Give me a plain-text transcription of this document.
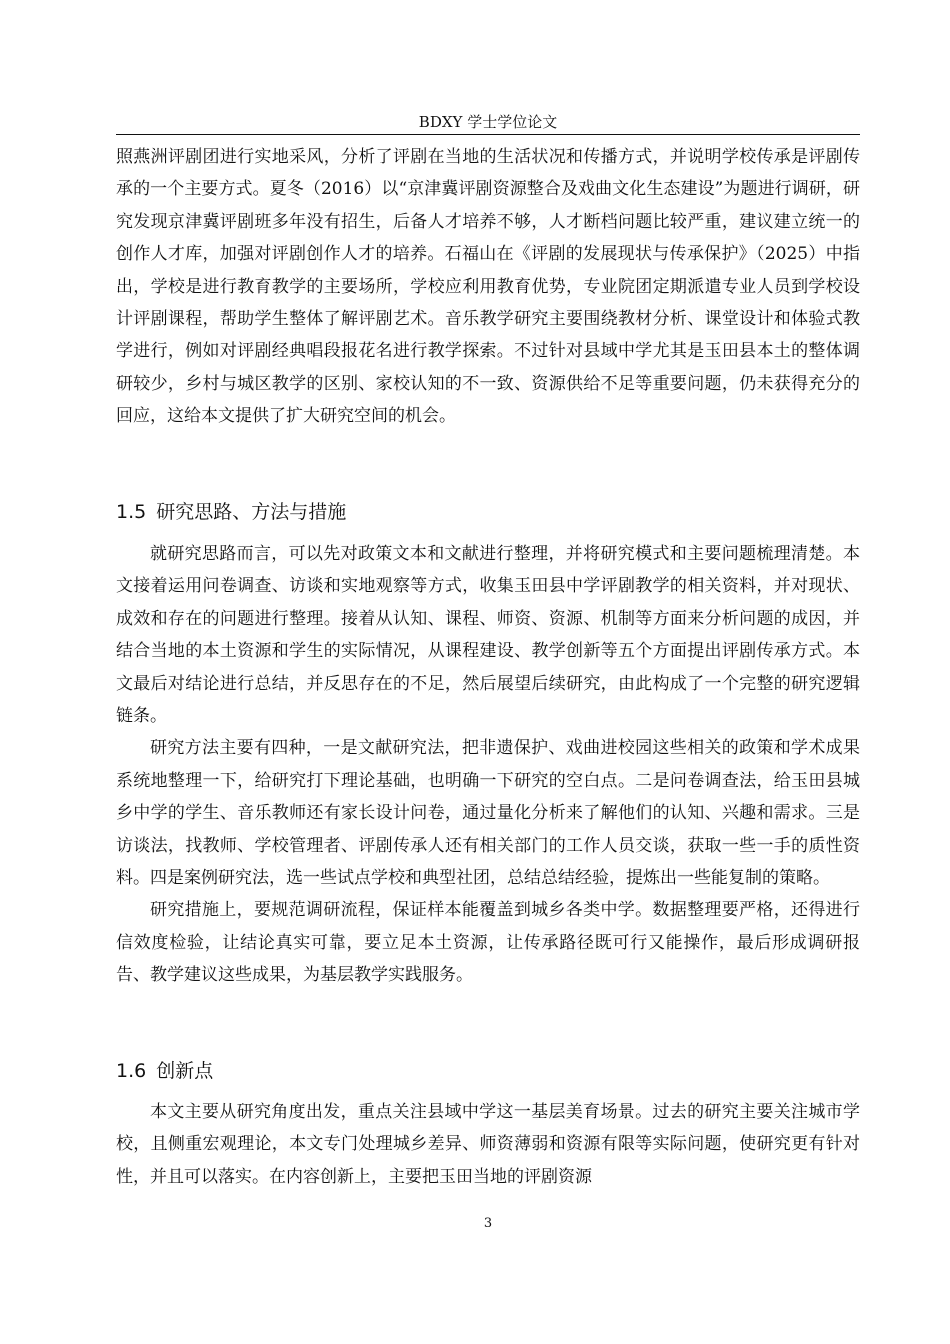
BDXY 学士学位论文

照燕洲评剧团进行实地采风，分析了评剧在当地的生活状况和传播方式，并说明学校传承是评剧传承的一个主要方式。夏冬（2016）以“京津冀评剧资源整合及戏曲文化生态建设”为题进行调研，研究发现京津冀评剧班多年没有招生，后备人才培养不够，人才断档问题比较严重，建议建立统一的创作人才库，加强对评剧创作人才的培养。石福山在《评剧的发展现状与传承保护》（2025）中指出，学校是进行教育教学的主要场所，学校应利用教育优势，专业院团定期派遣专业人员到学校设计评剧课程，帮助学生整体了解评剧艺术。音乐教学研究主要围绕教材分析、课堂设计和体验式教学进行，例如对评剧经典唱段报花名进行教学探索。不过针对县域中学尤其是玉田县本土的整体调研较少，乡村与城区教学的区别、家校认知的不一致、资源供给不足等重要问题，仍未获得充分的回应，这给本文提供了扩大研究空间的机会。

1.5 研究思路、方法与措施

就研究思路而言，可以先对政策文本和文献进行整理，并将研究模式和主要问题梳理清楚。本文接着运用问卷调查、访谈和实地观察等方式，收集玉田县中学评剧教学的相关资料，并对现状、成效和存在的问题进行整理。接着从认知、课程、师资、资源、机制等方面来分析问题的成因，并结合当地的本土资源和学生的实际情况，从课程建设、教学创新等五个方面提出评剧传承方式。本文最后对结论进行总结，并反思存在的不足，然后展望后续研究，由此构成了一个完整的研究逻辑链条。

研究方法主要有四种，一是文献研究法，把非遗保护、戏曲进校园这些相关的政策和学术成果系统地整理一下，给研究打下理论基础，也明确一下研究的空白点。二是问卷调查法，给玉田县城乡中学的学生、音乐教师还有家长设计问卷，通过量化分析来了解他们的认知、兴趣和需求。三是访谈法，找教师、学校管理者、评剧传承人还有相关部门的工作人员交谈，获取一些一手的质性资料。四是案例研究法，选一些试点学校和典型社团，总结总结经验，提炼出一些能复制的策略。

研究措施上，要规范调研流程，保证样本能覆盖到城乡各类中学。数据整理要严格，还得进行信效度检验，让结论真实可靠，要立足本土资源，让传承路径既可行又能操作，最后形成调研报告、教学建议这些成果，为基层教学实践服务。

1.6 创新点

本文主要从研究角度出发，重点关注县域中学这一基层美育场景。过去的研究主要关注城市学校，且侧重宏观理论，本文专门处理城乡差异、师资薄弱和资源有限等实际问题，使研究更有针对性，并且可以落实。在内容创新上，主要把玉田当地的评剧资源

3
